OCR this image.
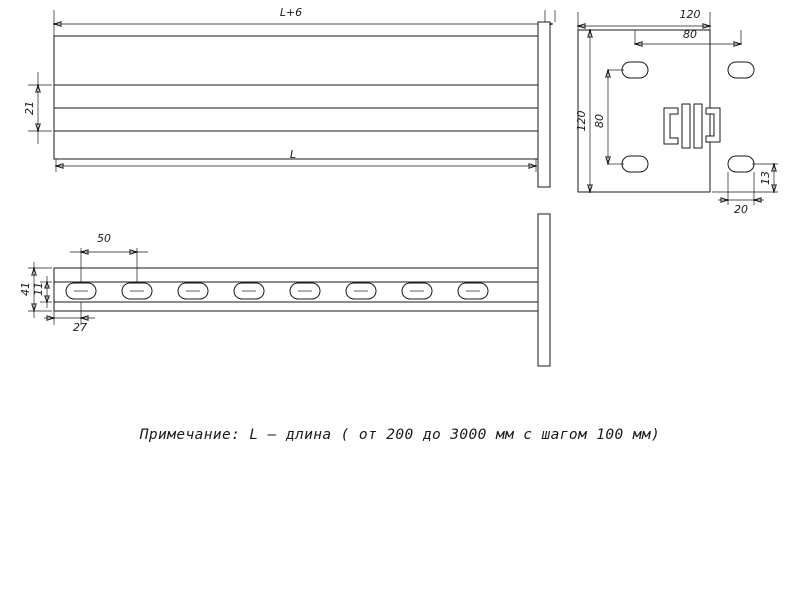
L+6
L
21
50
27
41 11
120
80
120 80
13
20
Примечание: L – длина ( от 200 до 3000 мм с шагом 100 мм)
